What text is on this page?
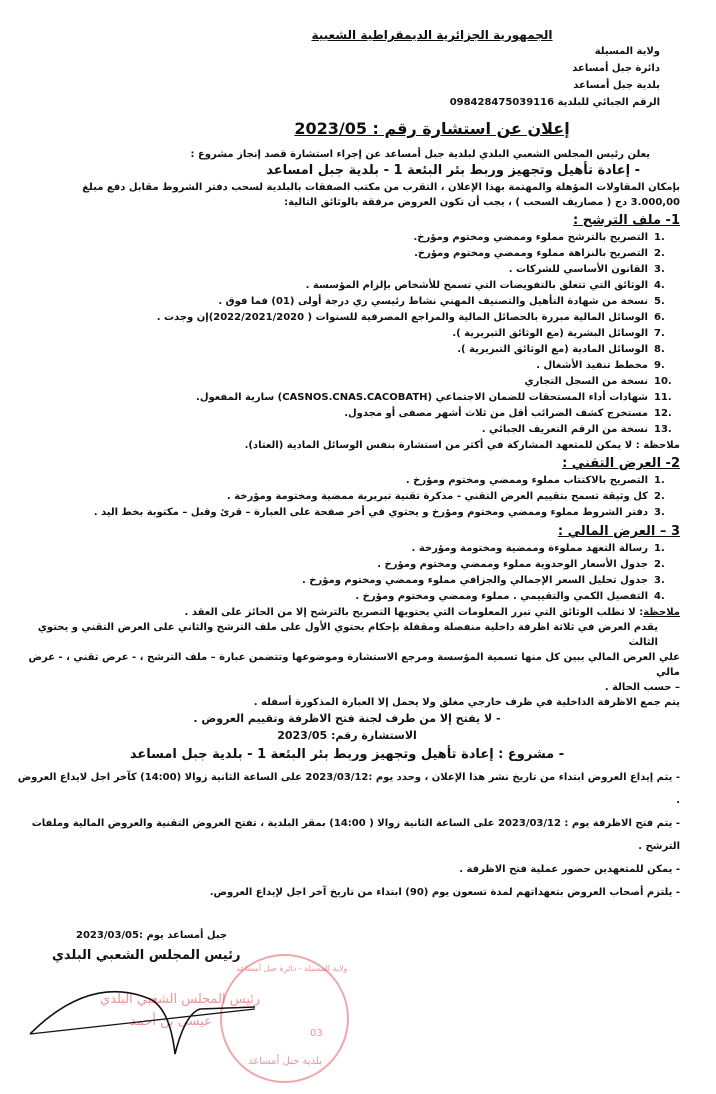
الجمهورية الجزائرية الديمقراطية الشعبية
ولاية المسيلة
دائرة جبل أمساعد
بلدية جبل أمساعد
الرقم الجبائي للبلدية 098428475039116
إعلان عن استشارة رقم : 2023/05
يعلن رئيس المجلس الشعبي البلدي لبلدية جبل أمساعد عن إجراء استشارة قصد إنجاز مشروع :
- إعادة تأهيل وتجهيز وربط بئر البئعة 1 - بلدية جبل امساعد
بإمكان المقاولات المؤهلة والمهتمة بهذا الإعلان ، التقرب من مكتب الصفقات بالبلدية لسحب دفتر الشروط مقابل دفع مبلغ
3.000,00 دج ( مصاريف السحب ) ، يجب أن تكون العروض مرفقة بالوثائق التالية:
1- ملف الترشح :
1.التصريح بالترشح مملوء وممضي ومختوم ومؤرخ.
2.التصريح بالنزاهة مملوء وممضي ومختوم ومؤرخ.
3.القانون الأساسي للشركات .
4.الوثائق التي تتعلق بالتفويضات التي تسمح للأشخاص بإلزام المؤسسة .
5.نسخة من شهادة التأهيل والتصنيف المهني نشاط رئيسي ري درجة أولى (01) فما فوق .
6.الوسائل المالية مبررة بالحصائل المالية والمراجع المصرفية للسنوات ( 2022/2021/2020)إن وجدت .
7.الوسائل البشرية (مع الوثائق التبريرية ).
8.الوسائل المادية (مع الوثائق التبريرية ).
9.مخطط تنفيذ الأشغال .
10.نسخة من السجل التجاري
11.شهادات أداء المستحقات للضمان الاجتماعي (CASNOS.CNAS.CACOBATH) سارية المفعول.
12.مستخرج كشف الضرائب أقل من ثلاث أشهر مصفى أو مجدول.
13.نسخة من الرقم التعريف الجبائي .
ملاحظة : لا يمكن للمتعهد المشاركة في أكثر من استشارة بنفس الوسائل المادية (العتاد).
2- العرض التقني :
1.التصريح بالاكتتاب مملوء وممضي ومختوم ومؤرخ .
2.كل وثيقة تسمح بتقييم العرض التقني - مذكرة تقنية تبريرية ممضية ومختومة ومؤرخة .
3.دفتر الشروط مملوء وممضي ومختوم ومؤرخ و يحتوي في أخر صفحة على العبارة – قرئ وقبل – مكتوبة بخط اليد .
3 – العرض المالي :
1.رسالة التعهد مملوءة وممضية ومختومة ومؤرخة .
2.جدول الأسعار الوحدوية مملوء وممضي ومختوم ومؤرخ .
3.جدول تحليل السعر الإجمالي والجزافي مملوء وممضي ومختوم ومؤرخ .
4.التفصيل الكمي والتقييمي . مملوء وممضي ومختوم ومؤرخ .
ملاحظة: لا تطلب الوثائق التي تبرر المعلومات التي يحتويها التصريح بالترشح إلا من الحائز على العقد .
يقدم العرض في ثلاثة اظرفة داخلية منفصلة ومقفلة بإحكام يحتوي الأول على ملف الترشح والثاني على العرض التقني و يحتوي الثالث
علي العرض المالي يبين كل منها تسمية المؤسسة ومرجع الاستشارة وموضوعها وتتضمن عبارة – ملف الترشح ، - عرض تقني ، - عرض مالي
– حسب الحالة .
يتم جمع الاظرفة الداخلية في ظرف خارجي مغلق ولا يحمل إلا العبارة المذكورة أسفله .
- لا يفتح إلا من طرف لجنة فتح الاظرفة وتقييم العروض .
الاستشارة رقم: 2023/05
- مشروع : إعادة تأهيل وتجهيز وربط بئر البئعة 1 - بلدية جبل امساعد
- يتم إيداع العروض ابتداء من تاريخ نشر هذا الإعلان ، وحدد يوم :2023/03/12 على الساعة الثانية زوالا (14:00) كآخر اجل لايداع العروض .
- يتم فتح الاظرفة يوم : 2023/03/12 على الساعة الثانية زوالا ( 14:00) بمقر البلدية ، تفتح العروض التقنية والعروض المالية وملفات الترشح .
- يمكن للمتعهدين حضور عملية فتح الاظرفة .
- يلتزم أصحاب العروض بتعهداتهم لمدة تسعون يوم (90) ابتداء من تاريخ آخر اجل لإيداع العروض.
جبل أمساعد يوم :2023/03/05
رئيس المجلس الشعبي البلدي
ولاية المسيلة - دائرة جبل أمساعد
03
بلدية جبل أمساعد
رئيس المجلس الشعبي البلدي
عيسى بن أحمد
